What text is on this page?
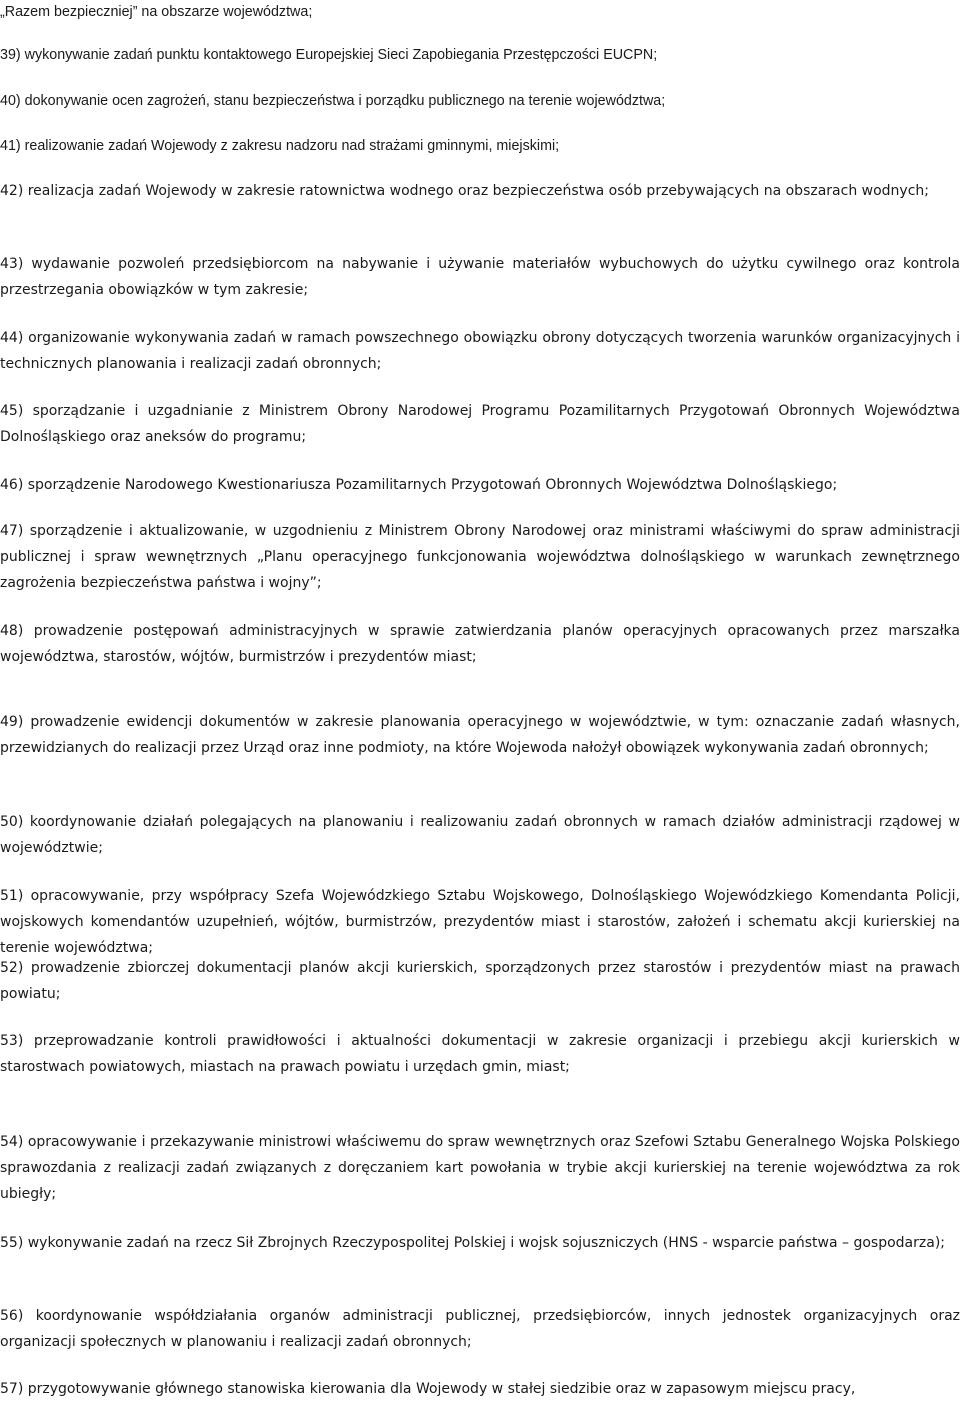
„Razem bezpieczniej” na obszarze województwa;

39) wykonywanie zadań punktu kontaktowego Europejskiej Sieci Zapobiegania Przestępczości EUCPN;

40) dokonywanie ocen zagrożeń, stanu bezpieczeństwa i porządku publicznego na terenie województwa;

41) realizowanie zadań Wojewody z zakresu nadzoru nad strażami gminnymi, miejskimi;

42) realizacja zadań Wojewody w zakresie ratownictwa wodnego oraz bezpieczeństwa osób przebywających na obszarach wodnych;

43) wydawanie pozwoleń przedsiębiorcom na nabywanie i używanie materiałów wybuchowych do użytku cywilnego oraz kontrola przestrzegania obowiązków w tym zakresie;

44) organizowanie wykonywania zadań w ramach powszechnego obowiązku obrony dotyczących tworzenia warunków organizacyjnych i technicznych planowania i realizacji zadań obronnych;

45) sporządzanie i uzgadnianie z Ministrem Obrony Narodowej Programu Pozamilitarnych Przygotowań Obronnych Województwa Dolnośląskiego oraz aneksów do programu;

46) sporządzenie Narodowego Kwestionariusza Pozamilitarnych Przygotowań Obronnych Województwa Dolnośląskiego;

47) sporządzenie i aktualizowanie, w uzgodnieniu z Ministrem Obrony Narodowej oraz ministrami właściwymi do spraw administracji publicznej i spraw wewnętrznych „Planu operacyjnego funkcjonowania województwa dolnośląskiego w warunkach zewnętrznego zagrożenia bezpieczeństwa państwa i wojny”;

48) prowadzenie postępowań administracyjnych w sprawie zatwierdzania planów operacyjnych opracowanych przez marszałka województwa, starostów, wójtów, burmistrzów i prezydentów miast;

49) prowadzenie ewidencji dokumentów w zakresie planowania operacyjnego w województwie, w tym: oznaczanie zadań własnych, przewidzianych do realizacji przez Urząd oraz inne podmioty, na które Wojewoda nałożył obowiązek wykonywania zadań obronnych;

50) koordynowanie działań polegających na planowaniu i realizowaniu zadań obronnych w ramach działów administracji rządowej w województwie;

51) opracowywanie, przy współpracy Szefa Wojewódzkiego Sztabu Wojskowego, Dolnośląskiego Wojewódzkiego Komendanta Policji, wojskowych komendantów uzupełnień, wójtów, burmistrzów, prezydentów miast i starostów, założeń i schematu akcji kurierskiej na terenie województwa;

52) prowadzenie zbiorczej dokumentacji planów akcji kurierskich, sporządzonych przez starostów i prezydentów miast na prawach powiatu;

53) przeprowadzanie kontroli prawidłowości i aktualności dokumentacji w zakresie organizacji i przebiegu akcji kurierskich w starostwach powiatowych, miastach na prawach powiatu i urzędach gmin, miast;

54) opracowywanie i przekazywanie ministrowi właściwemu do spraw wewnętrznych oraz Szefowi Sztabu Generalnego Wojska Polskiego sprawozdania z realizacji zadań związanych z doręczaniem kart powołania w trybie akcji kurierskiej na terenie województwa za rok ubiegły;

55) wykonywanie zadań na rzecz Sił Zbrojnych Rzeczypospolitej Polskiej i wojsk sojuszniczych (HNS - wsparcie państwa – gospodarza);

56) koordynowanie współdziałania organów administracji publicznej, przedsiębiorców, innych jednostek organizacyjnych oraz organizacji społecznych w planowaniu i realizacji zadań obronnych;

57) przygotowywanie głównego stanowiska kierowania dla Wojewody w stałej siedzibie oraz w zapasowym miejscu pracy,
